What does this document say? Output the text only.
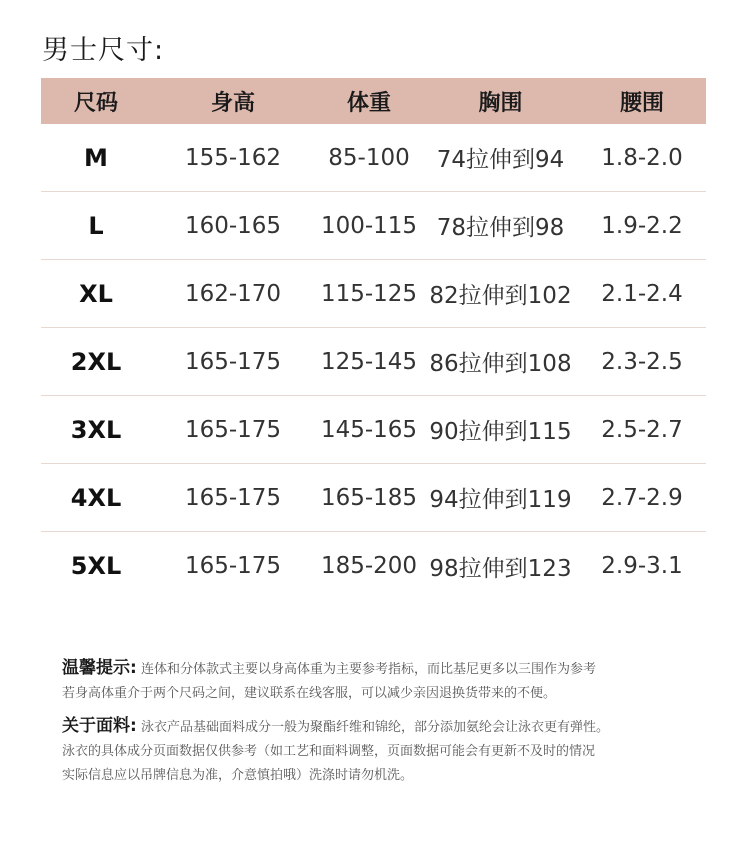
男士尺寸:
尺码	身高	体重	胸围	腰围
M	155-162	85-100	74拉伸到94	1.8-2.0
L	160-165	100-115 78拉伸到98	1.9-2.2
XL	162-170	115-125 82拉伸到102	2.1-2.4
2XL	165-175	125-145 86拉伸到108	2.3-2.5
3XL	165-175	145-165 90拉伸到115	2.5-2.7
4XL	165-175	165-185 94拉伸到119	2.7-2.9
5XL	165-175	185-200 98拉伸到123	2.9-3.1
温馨提示: 连体和分体款式主要以身高体重为主要参考指标，而比基尼更多以三围作为参考
若身高体重介于两个尺码之间，建议联系在线客服，可以减少亲因退换货带来的不便。
关于面料: 泳衣产品基础面料成分一般为聚酯纤维和锦纶，部分添加氨纶会让泳衣更有弹性。
泳衣的具体成分页面数据仅供参考（如工艺和面料调整，页面数据可能会有更新不及时的情况
实际信息应以吊牌信息为准，介意慎拍哦）洗涤时请勿机洗。
